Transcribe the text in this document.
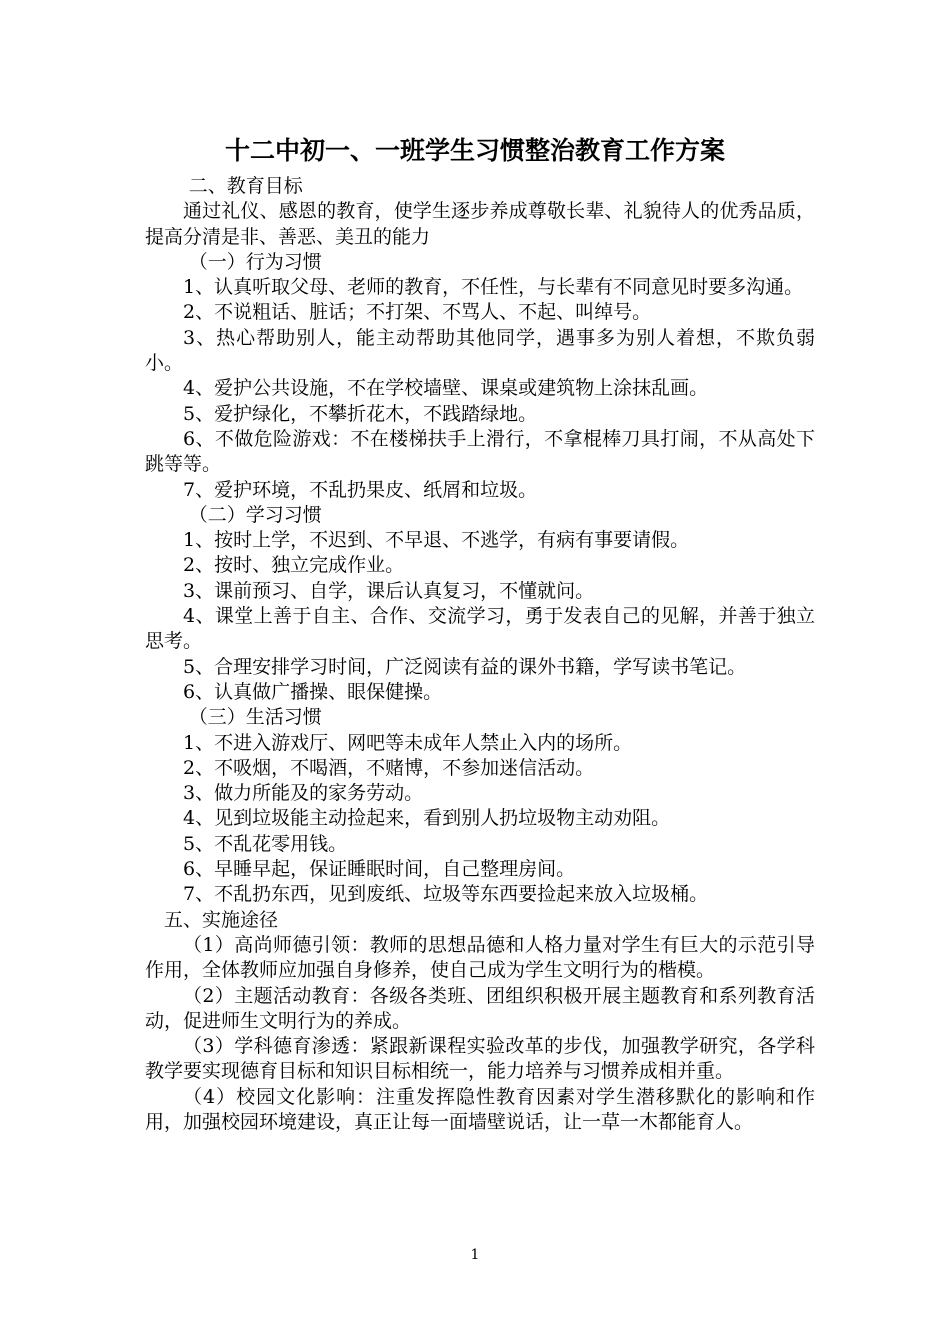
十二中初一、一班学生习惯整治教育工作方案

二、教育目标

通过礼仪、感恩的教育，使学生逐步养成尊敬长辈、礼貌待人的优秀品质，提高分清是非、善恶、美丑的能力

（一）行为习惯

1、认真听取父母、老师的教育，不任性，与长辈有不同意见时要多沟通。

2、不说粗话、脏话；不打架、不骂人、不起、叫绰号。

3、热心帮助别人，能主动帮助其他同学，遇事多为别人着想，不欺负弱小。

4、爱护公共设施，不在学校墙壁、课桌或建筑物上涂抹乱画。

5、爱护绿化，不攀折花木，不践踏绿地。

6、不做危险游戏：不在楼梯扶手上滑行，不拿棍棒刀具打闹，不从高处下跳等等。

7、爱护环境，不乱扔果皮、纸屑和垃圾。

（二）学习习惯

1、按时上学，不迟到、不早退、不逃学，有病有事要请假。

2、按时、独立完成作业。

3、课前预习、自学，课后认真复习，不懂就问。

4、课堂上善于自主、合作、交流学习，勇于发表自己的见解，并善于独立思考。

5、合理安排学习时间，广泛阅读有益的课外书籍，学写读书笔记。

6、认真做广播操、眼保健操。

（三）生活习惯

1、不进入游戏厅、网吧等未成年人禁止入内的场所。

2、不吸烟，不喝酒，不赌博，不参加迷信活动。

3、做力所能及的家务劳动。

4、见到垃圾能主动捡起来，看到别人扔垃圾物主动劝阻。

5、不乱花零用钱。

6、早睡早起，保证睡眠时间，自己整理房间。

7、不乱扔东西，见到废纸、垃圾等东西要捡起来放入垃圾桶。

五、实施途径

（1）高尚师德引领：教师的思想品德和人格力量对学生有巨大的示范引导作用，全体教师应加强自身修养，使自己成为学生文明行为的楷模。

（2）主题活动教育：各级各类班、团组织积极开展主题教育和系列教育活动，促进师生文明行为的养成。

（3）学科德育渗透：紧跟新课程实验改革的步伐，加强教学研究，各学科教学要实现德育目标和知识目标相统一，能力培养与习惯养成相并重。

（4）校园文化影响：注重发挥隐性教育因素对学生潜移默化的影响和作用，加强校园环境建设，真正让每一面墙壁说话，让一草一木都能育人。

1
